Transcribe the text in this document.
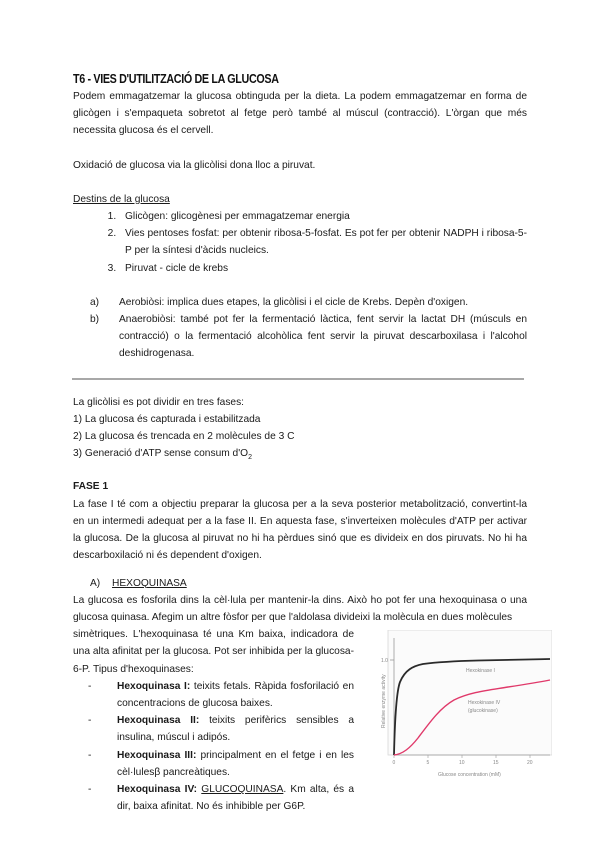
T6 - VIES D'UTILITZACIÓ DE LA GLUCOSA

Podem emmagatzemar la glucosa obtinguda per la dieta. La podem emmagatzemar en forma de glicògen i s'empaqueta sobretot al fetge però també al múscul (contracció). L'òrgan que més necessita glucosa és el cervell.

Oxidació de glucosa via la glicòlisi dona lloc a piruvat.

Destins de la glucosa

1. Glicògen: glicogènesi per emmagatzemar energia
2. Vies pentoses fosfat: per obtenir ribosa-5-fosfat. Es pot fer per obtenir NADPH i ribosa-5-P per la síntesi d'àcids nucleics.
3. Piruvat - cicle de krebs
a) Aerobiòsi: implica dues etapes, la glicòlisi i el cicle de Krebs. Depèn d'oxigen.
b) Anaerobiòsi: també pot fer la fermentació làctica, fent servir la lactat DH (músculs en contracció) o la fermentació alcohòlica fent servir la piruvat descarboxilasa i l'alcohol deshidrogenasa.

La glicòlisi es pot dividir en tres fases:

1) La glucosa és capturada i estabilitzada

2) La glucosa és trencada en 2 molècules de 3 C

3) Generació d'ATP sense consum $d'O_2$

FASE 1

La fase I té com a objectiu preparar la glucosa per a la seva posterior metabolització, convertint-la en un intermedi adequat per a la fase II. En aquesta fase, s'inverteixen molècules d'ATP per activar la glucosa. De la glucosa al piruvat no hi ha pèrdues sinó que es divideix en dos piruvats. No hi ha descarboxilació ni és dependent d'oxigen.

A) HEXOQUINASA

La glucosa es fosforila dins la cèl·lula per mantenir-la dins. Això ho pot fer una hexoquinasa o una glucosa quinasa. Afegim un altre fòsfor per que l'aldolasa divideixi la molècula en dues molècules

simètriques. L'hexoquinasa té una Km baixa, indicadora de una alta afinitat per la glucosa. Pot ser inhibida per la glucosa-6-P. Tipus d'hexoquinases:

-	Hexoquinasa I: teixits fetals. Ràpida fosforilació en concentracions de glucosa baixes.
-	Hexoquinasa II: teixits perifèrics sensibles a insulina, múscul i adipós.
-	Hexoquinasa III: principalment en el fetge i en les cèl·lulesβ pancreàtiques.
-	Hexoquinasa IV: GLUCOQUINASA. Km alta, és a dir, baixa afinitat. No és inhibible per G6P.
1.0
0	5	10	15	20
Glucose concentration (mM)
Relative enzyme activity
Hexokinase I
Hexokinase IV
(glucokinase)
